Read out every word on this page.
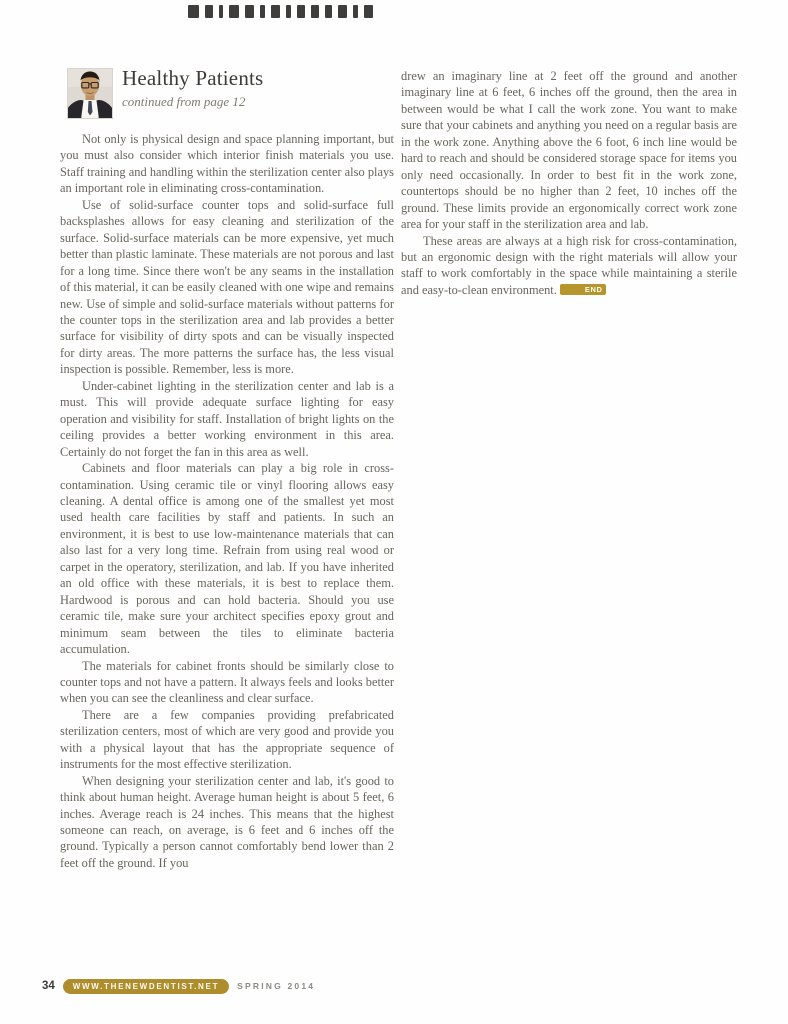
Healthy Patients

continued from page 12

Not only is physical design and space planning important, but you must also consider which interior finish materials you use. Staff training and handling within the sterilization center also plays an important role in eliminating cross-contamination.

Use of solid-surface counter tops and solid-surface full backsplashes allows for easy cleaning and sterilization of the surface. Solid-surface materials can be more expensive, yet much better than plastic laminate. These materials are not porous and last for a long time. Since there won't be any seams in the installation of this material, it can be easily cleaned with one wipe and remains new. Use of simple and solid-surface materials without patterns for the counter tops in the sterilization area and lab provides a better surface for visibility of dirty spots and can be visually inspected for dirty areas. The more patterns the surface has, the less visual inspection is possible. Remember, less is more.

Under-cabinet lighting in the sterilization center and lab is a must. This will provide adequate surface lighting for easy operation and visibility for staff. Installation of bright lights on the ceiling provides a better working environment in this area. Certainly do not forget the fan in this area as well.

Cabinets and floor materials can play a big role in cross-contamination. Using ceramic tile or vinyl flooring allows easy cleaning. A dental office is among one of the smallest yet most used health care facilities by staff and patients. In such an environment, it is best to use low-maintenance materials that can also last for a very long time. Refrain from using real wood or carpet in the operatory, sterilization, and lab. If you have inherited an old office with these materials, it is best to replace them. Hardwood is porous and can hold bacteria. Should you use ceramic tile, make sure your architect specifies epoxy grout and minimum seam between the tiles to eliminate bacteria accumulation.

The materials for cabinet fronts should be similarly close to counter tops and not have a pattern. It always feels and looks better when you can see the cleanliness and clear surface.

There are a few companies providing prefabricated sterilization centers, most of which are very good and provide you with a physical layout that has the appropriate sequence of instruments for the most effective sterilization.

When designing your sterilization center and lab, it's good to think about human height. Average human height is about 5 feet, 6 inches. Average reach is 24 inches. This means that the highest someone can reach, on average, is 6 feet and 6 inches off the ground. Typically a person cannot comfortably bend lower than 2 feet off the ground. If you

drew an imaginary line at 2 feet off the ground and another imaginary line at 6 feet, 6 inches off the ground, then the area in between would be what I call the work zone. You want to make sure that your cabinets and anything you need on a regular basis are in the work zone. Anything above the 6 foot, 6 inch line would be hard to reach and should be considered storage space for items you only need occasionally. In order to best fit in the work zone, countertops should be no higher than 2 feet, 10 inches off the ground. These limits provide an ergonomically correct work zone area for your staff in the sterilization area and lab.

These areas are always at a high risk for cross-contamination, but an ergonomic design with the right materials will allow your staff to work comfortably in the space while maintaining a sterile and easy-to-clean environment.	END

34	WWW.THENEWDENTIST.NET	SPRING 2014
